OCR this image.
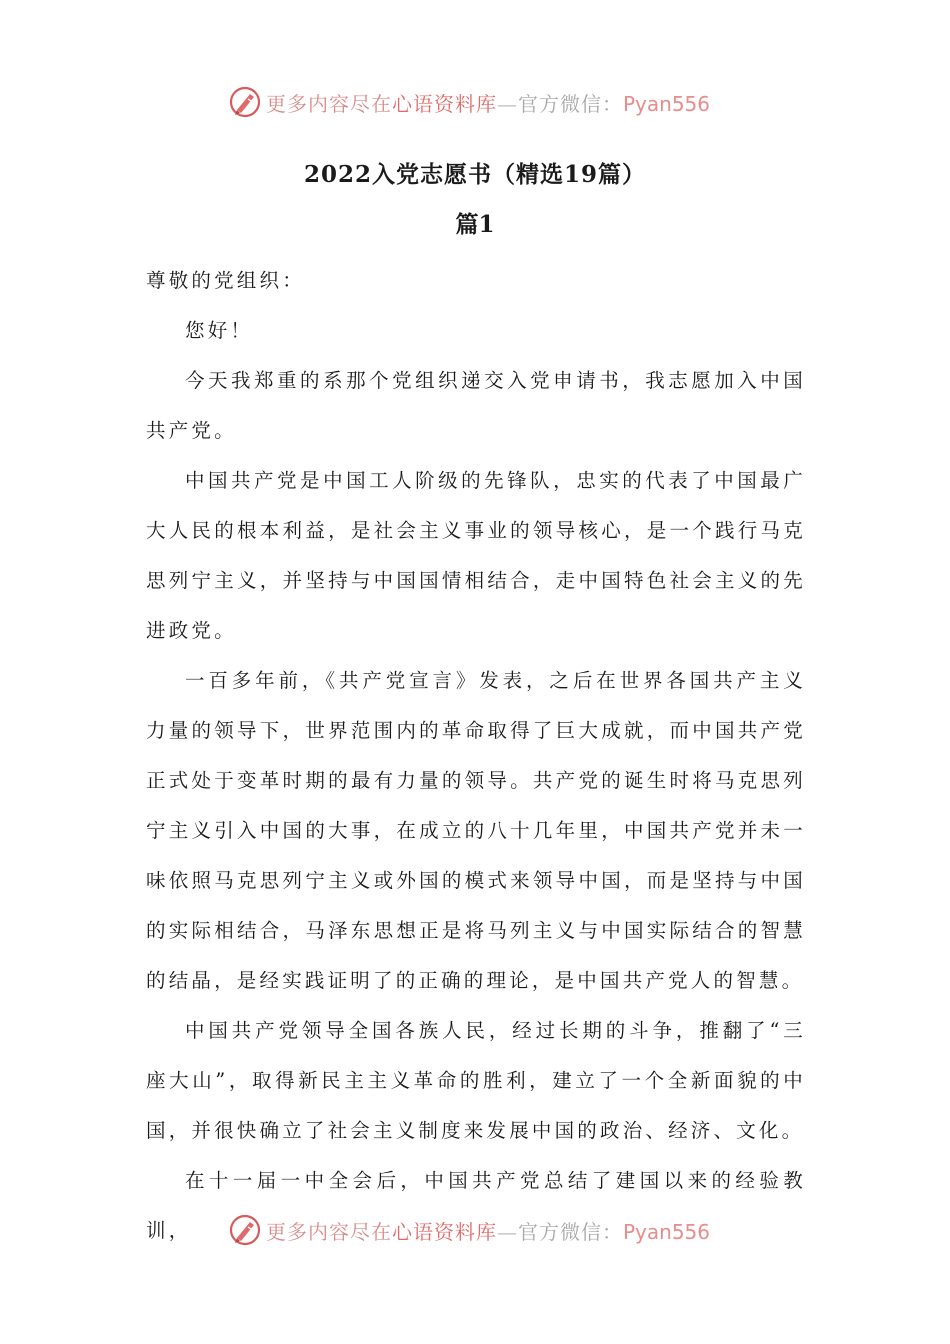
更多内容尽在心语资料库—官方微信：Pyan556
2022入党志愿书（精选19篇）
篇1

尊敬的党组织：

您好！

今天我郑重的系那个党组织递交入党申请书，我志愿加入中国共产党。

中国共产党是中国工人阶级的先锋队，忠实的代表了中国最广大人民的根本利益，是社会主义事业的领导核心，是一个践行马克思列宁主义，并坚持与中国国情相结合，走中国特色社会主义的先进政党。

一百多年前，《共产党宣言》发表，之后在世界各国共产主义力量的领导下，世界范围内的革命取得了巨大成就，而中国共产党正式处于变革时期的最有力量的领导。共产党的诞生时将马克思列宁主义引入中国的大事，在成立的八十几年里，中国共产党并未一味依照马克思列宁主义或外国的模式来领导中国，而是坚持与中国的实际相结合，马泽东思想正是将马列主义与中国实际结合的智慧的结晶，是经实践证明了的正确的理论，是中国共产党人的智慧。

中国共产党领导全国各族人民，经过长期的斗争，推翻了“三座大山”，取得新民主主义革命的胜利，建立了一个全新面貌的中国，并很快确立了社会主义制度来发展中国的政治、经济、文化。

在十一届一中全会后，中国共产党总结了建国以来的经验教训，	更多内容尽在心语资料库—官方微信：Pyan556
